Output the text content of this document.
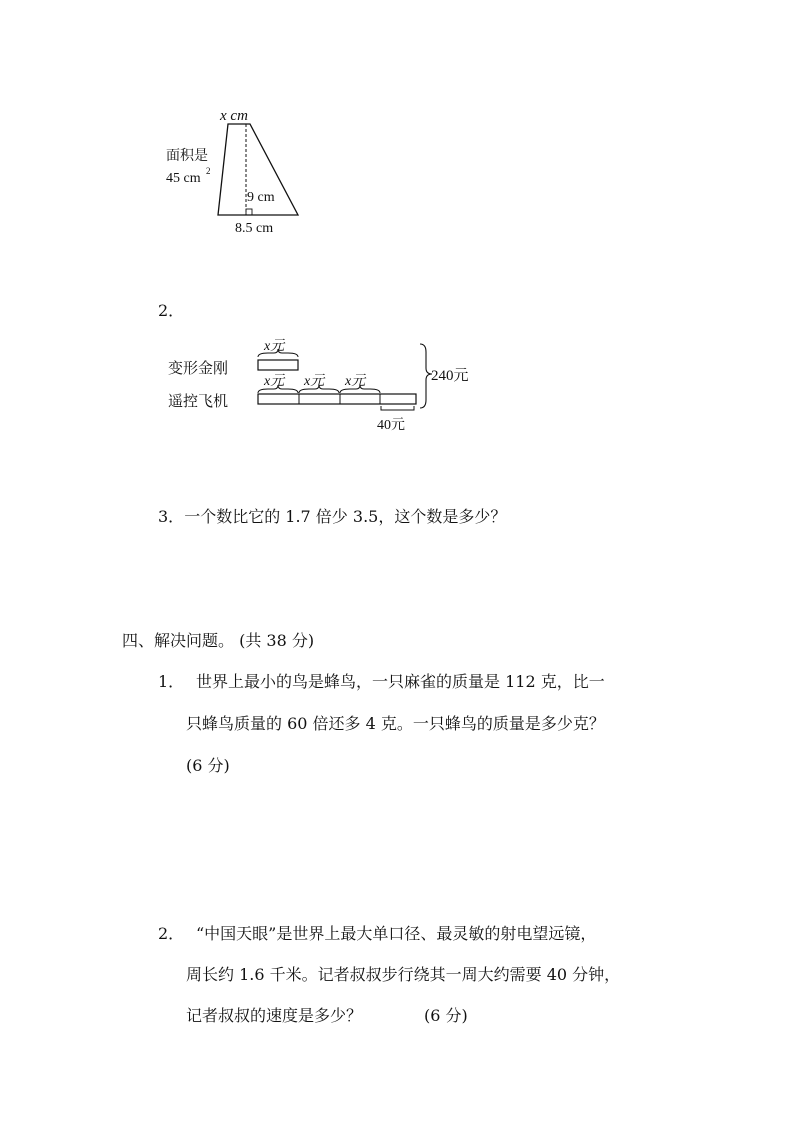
x cm
面积是
45 cm 2
9 cm
8.5 cm
2．
变形金刚
遥控飞机
x元
x元 x元 x元
40元
240元
3．一个数比它的 1.7 倍少 3.5，这个数是多少？
四、解决问题。 (共 38 分)
1． 世界上最小的鸟是蜂鸟，一只麻雀的质量是 112 克，比一
只蜂鸟质量的 60 倍还多 4 克。一只蜂鸟的质量是多少克？
(6 分)
2． “中国天眼”是世界上最大单口径、最灵敏的射电望远镜，
周长约 1.6 千米。记者叔叔步行绕其一周大约需要 40 分钟，
记者叔叔的速度是多少？	(6 分)
